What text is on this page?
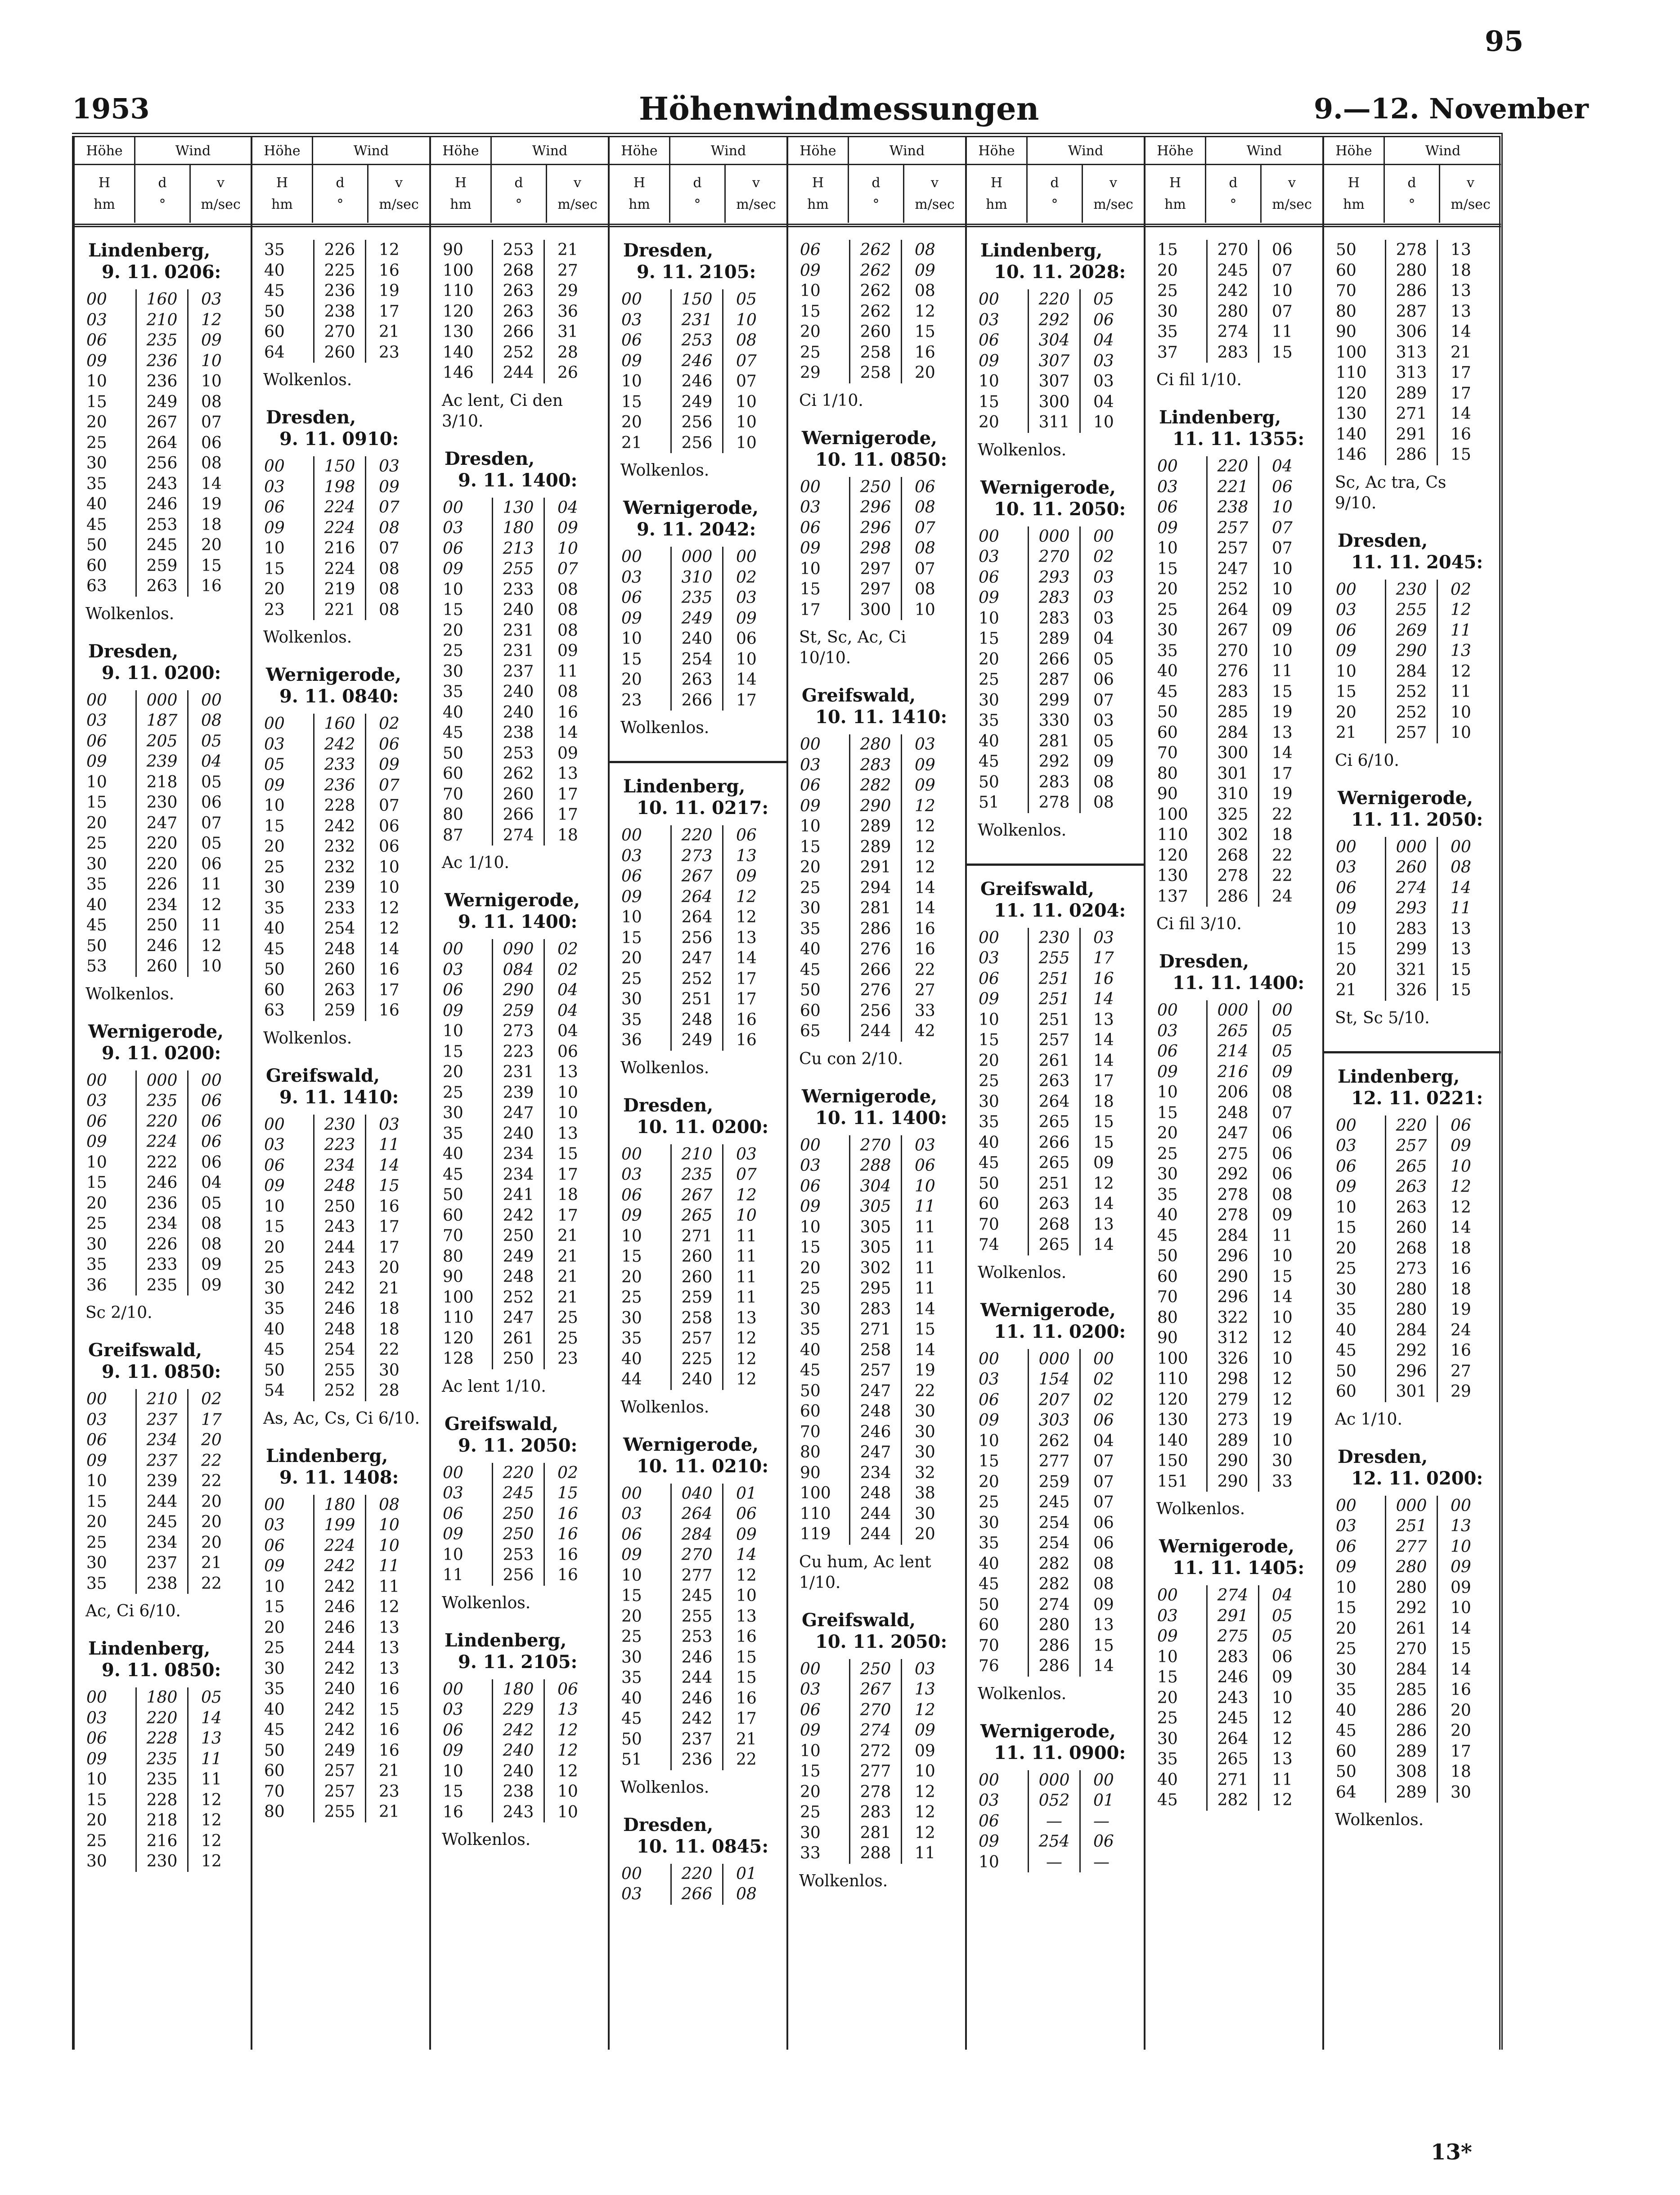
95
1953	Höhenwindmessungen	9.—12. November
Höhe	Wind
H
hm
d
°
v
m/sec
Lindenberg,
9. 11. 0206:
00	160	03
03	210	12
06	235	09
09	236	10
10	236	10
15	249	08
20	267	07
25	264	06
30	256	08
35	243	14
40	246	19
45	253	18
50	245	20
60	259	15
63	263	16
Wolkenlos.
Dresden,
9. 11. 0200:
00	000	00
03	187	08
06	205	05
09	239	04
10	218	05
15	230	06
20	247	07
25	220	05
30	220	06
35	226	11
40	234	12
45	250	11
50	246	12
53	260	10
Wolkenlos.
Wernigerode,
9. 11. 0200:
00	000	00
03	235	06
06	220	06
09	224	06
10	222	06
15	246	04
20	236	05
25	234	08
30	226	08
35	233	09
36	235	09
Sc 2/10.
Greifswald,
9. 11. 0850:
00	210	02
03	237	17
06	234	20
09	237	22
10	239	22
15	244	20
20	245	20
25	234	20
30	237	21
35	238	22
Ac, Ci 6/10.
Lindenberg,
9. 11. 0850:
00	180	05
03	220	14
06	228	13
09	235	11
10	235	11
15	228	12
20	218	12
25	216	12
30	230	12
Höhe	Wind
H
hm
d
°
v
m/sec
35	226	12
40	225	16
45	236	19
50	238	17
60	270	21
64	260	23
Wolkenlos.
Dresden,
9. 11. 0910:
00	150	03
03	198	09
06	224	07
09	224	08
10	216	07
15	224	08
20	219	08
23	221	08
Wolkenlos.
Wernigerode,
9. 11. 0840:
00	160	02
03	242	06
05	233	09
09	236	07
10	228	07
15	242	06
20	232	06
25	232	10
30	239	10
35	233	12
40	254	12
45	248	14
50	260	16
60	263	17
63	259	16
Wolkenlos.
Greifswald,
9. 11. 1410:
00	230	03
03	223	11
06	234	14
09	248	15
10	250	16
15	243	17
20	244	17
25	243	20
30	242	21
35	246	18
40	248	18
45	254	22
50	255	30
54	252	28
As, Ac, Cs, Ci 6/10.
Lindenberg,
9. 11. 1408:
00	180	08
03	199	10
06	224	10
09	242	11
10	242	11
15	246	12
20	246	13
25	244	13
30	242	13
35	240	16
40	242	15
45	242	16
50	249	16
60	257	21
70	257	23
80	255	21
Höhe	Wind
H
hm
d
°
v
m/sec
90	253	21
100	268	27
110	263	29
120	263	36
130	266	31
140	252	28
146	244	26
Ac lent, Ci den 3/10.
Dresden,
9. 11. 1400:
00	130	04
03	180	09
06	213	10
09	255	07
10	233	08
15	240	08
20	231	08
25	231	09
30	237	11
35	240	08
40	240	16
45	238	14
50	253	09
60	262	13
70	260	17
80	266	17
87	274	18
Ac 1/10.
Wernigerode,
9. 11. 1400:
00	090	02
03	084	02
06	290	04
09	259	04
10	273	04
15	223	06
20	231	13
25	239	10
30	247	10
35	240	13
40	234	15
45	234	17
50	241	18
60	242	17
70	250	21
80	249	21
90	248	21
100	252	21
110	247	25
120	261	25
128	250	23
Ac lent 1/10.
Greifswald,
9. 11. 2050:
00	220	02
03	245	15
06	250	16
09	250	16
10	253	16
11	256	16
Wolkenlos.
Lindenberg,
9. 11. 2105:
00	180	06
03	229	13
06	242	12
09	240	12
10	240	12
15	238	10
16	243	10
Wolkenlos.
Höhe	Wind
H
hm
d
°
v
m/sec
Dresden,
9. 11. 2105:
00	150	05
03	231	10
06	253	08
09	246	07
10	246	07
15	249	10
20	256	10
21	256	10
Wolkenlos.
Wernigerode,
9. 11. 2042:
00	000	00
03	310	02
06	235	03
09	249	09
10	240	06
15	254	10
20	263	14
23	266	17
Wolkenlos.
Lindenberg,
10. 11. 0217:
00	220	06
03	273	13
06	267	09
09	264	12
10	264	12
15	256	13
20	247	14
25	252	17
30	251	17
35	248	16
36	249	16
Wolkenlos.
Dresden,
10. 11. 0200:
00	210	03
03	235	07
06	267	12
09	265	10
10	271	11
15	260	11
20	260	11
25	259	11
30	258	13
35	257	12
40	225	12
44	240	12
Wolkenlos.
Wernigerode,
10. 11. 0210:
00	040	01
03	264	06
06	284	09
09	270	14
10	277	12
15	245	10
20	255	13
25	253	16
30	246	15
35	244	15
40	246	16
45	242	17
50	237	21
51	236	22
Wolkenlos.
Dresden,
10. 11. 0845:
00	220	01
03	266	08
Höhe	Wind
H
hm
d
°
v
m/sec
06	262	08
09	262	09
10	262	08
15	262	12
20	260	15
25	258	16
29	258	20
Ci 1/10.
Wernigerode,
10. 11. 0850:
00	250	06
03	296	08
06	296	07
09	298	08
10	297	07
15	297	08
17	300	10
St, Sc, Ac, Ci 10/10.
Greifswald,
10. 11. 1410:
00	280	03
03	283	09
06	282	09
09	290	12
10	289	12
15	289	12
20	291	12
25	294	14
30	281	14
35	286	16
40	276	16
45	266	22
50	276	27
60	256	33
65	244	42
Cu con 2/10.
Wernigerode,
10. 11. 1400:
00	270	03
03	288	06
06	304	10
09	305	11
10	305	11
15	305	11
20	302	11
25	295	11
30	283	14
35	271	15
40	258	14
45	257	19
50	247	22
60	248	30
70	246	30
80	247	30
90	234	32
100	248	38
110	244	30
119	244	20
Cu hum, Ac lent 1/10.
Greifswald,
10. 11. 2050:
00	250	03
03	267	13
06	270	12
09	274	09
10	272	09
15	277	10
20	278	12
25	283	12
30	281	12
33	288	11
Wolkenlos.
Höhe	Wind
H
hm
d
°
v
m/sec
Lindenberg,
10. 11. 2028:
00	220	05
03	292	06
06	304	04
09	307	03
10	307	03
15	300	04
20	311	10
Wolkenlos.
Wernigerode,
10. 11. 2050:
00	000	00
03	270	02
06	293	03
09	283	03
10	283	03
15	289	04
20	266	05
25	287	06
30	299	07
35	330	03
40	281	05
45	292	09
50	283	08
51	278	08
Wolkenlos.
Greifswald,
11. 11. 0204:
00	230	03
03	255	17
06	251	16
09	251	14
10	251	13
15	257	14
20	261	14
25	263	17
30	264	18
35	265	15
40	266	15
45	265	09
50	251	12
60	263	14
70	268	13
74	265	14
Wolkenlos.
Wernigerode,
11. 11. 0200:
00	000	00
03	154	02
06	207	02
09	303	06
10	262	04
15	277	07
20	259	07
25	245	07
30	254	06
35	254	06
40	282	08
45	282	08
50	274	09
60	280	13
70	286	15
76	286	14
Wolkenlos.
Wernigerode,
11. 11. 0900:
00	000	00
03	052	01
06	—	—
09	254	06
10	—	—
Höhe	Wind
H
hm
d
°
v
m/sec
15	270	06
20	245	07
25	242	10
30	280	07
35	274	11
37	283	15
Ci fil 1/10.
Lindenberg,
11. 11. 1355:
00	220	04
03	221	06
06	238	10
09	257	07
10	257	07
15	247	10
20	252	10
25	264	09
30	267	09
35	270	10
40	276	11
45	283	15
50	285	19
60	284	13
70	300	14
80	301	17
90	310	19
100	325	22
110	302	18
120	268	22
130	278	22
137	286	24
Ci fil 3/10.
Dresden,
11. 11. 1400:
00	000	00
03	265	05
06	214	05
09	216	09
10	206	08
15	248	07
20	247	06
25	275	06
30	292	06
35	278	08
40	278	09
45	284	11
50	296	10
60	290	15
70	296	14
80	322	10
90	312	12
100	326	10
110	298	12
120	279	12
130	273	19
140	289	10
150	290	30
151	290	33
Wolkenlos.
Wernigerode,
11. 11. 1405:
00	274	04
03	291	05
09	275	05
10	283	06
15	246	09
20	243	10
25	245	12
30	264	12
35	265	13
40	271	11
45	282	12
Höhe	Wind
H
hm
d
°
v
m/sec
50	278	13
60	280	18
70	286	13
80	287	13
90	306	14
100	313	21
110	313	17
120	289	17
130	271	14
140	291	16
146	286	15
Sc, Ac tra, Cs 9/10.
Dresden,
11. 11. 2045:
00	230	02
03	255	12
06	269	11
09	290	13
10	284	12
15	252	11
20	252	10
21	257	10
Ci 6/10.
Wernigerode,
11. 11. 2050:
00	000	00
03	260	08
06	274	14
09	293	11
10	283	13
15	299	13
20	321	15
21	326	15
St, Sc 5/10.
Lindenberg,
12. 11. 0221:
00	220	06
03	257	09
06	265	10
09	263	12
10	263	12
15	260	14
20	268	18
25	273	16
30	280	18
35	280	19
40	284	24
45	292	16
50	296	27
60	301	29
Ac 1/10.
Dresden,
12. 11. 0200:
00	000	00
03	251	13
06	277	10
09	280	09
10	280	09
15	292	10
20	261	14
25	270	15
30	284	14
35	285	16
40	286	20
45	286	20
60	289	17
50	308	18
64	289	30
Wolkenlos.
13*
